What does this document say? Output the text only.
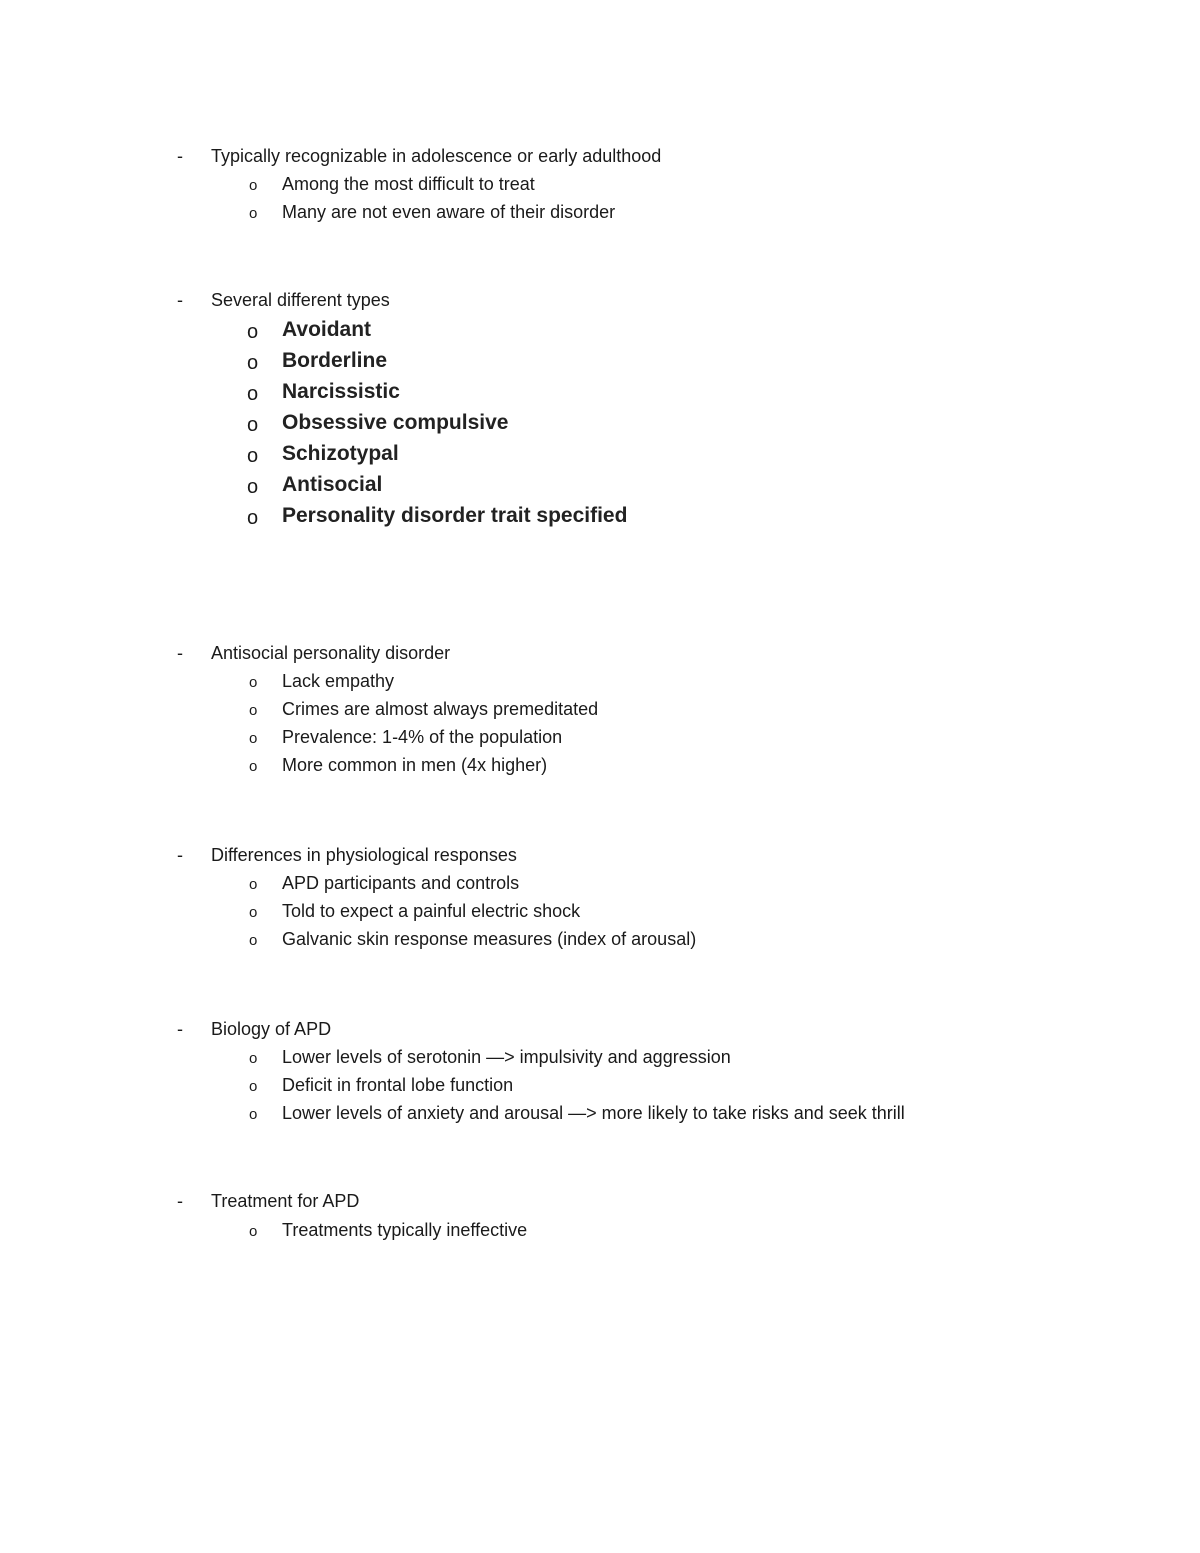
- Typically recognizable in adolescence or early adulthood
o Among the most difficult to treat
o Many are not even aware of their disorder
- Several different types
o Avoidant
o Borderline
o Narcissistic
o Obsessive compulsive
o Schizotypal
o Antisocial
o Personality disorder trait specified
- Antisocial personality disorder
o Lack empathy
o Crimes are almost always premeditated
o Prevalence: 1-4% of the population
o More common in men (4x higher)
- Differences in physiological responses
o APD participants and controls
o Told to expect a painful electric shock
o Galvanic skin response measures (index of arousal)
- Biology of APD
o Lower levels of serotonin —> impulsivity and aggression
o Deficit in frontal lobe function
o Lower levels of anxiety and arousal —> more likely to take risks and seek thrill
- Treatment for APD
o Treatments typically ineffective
